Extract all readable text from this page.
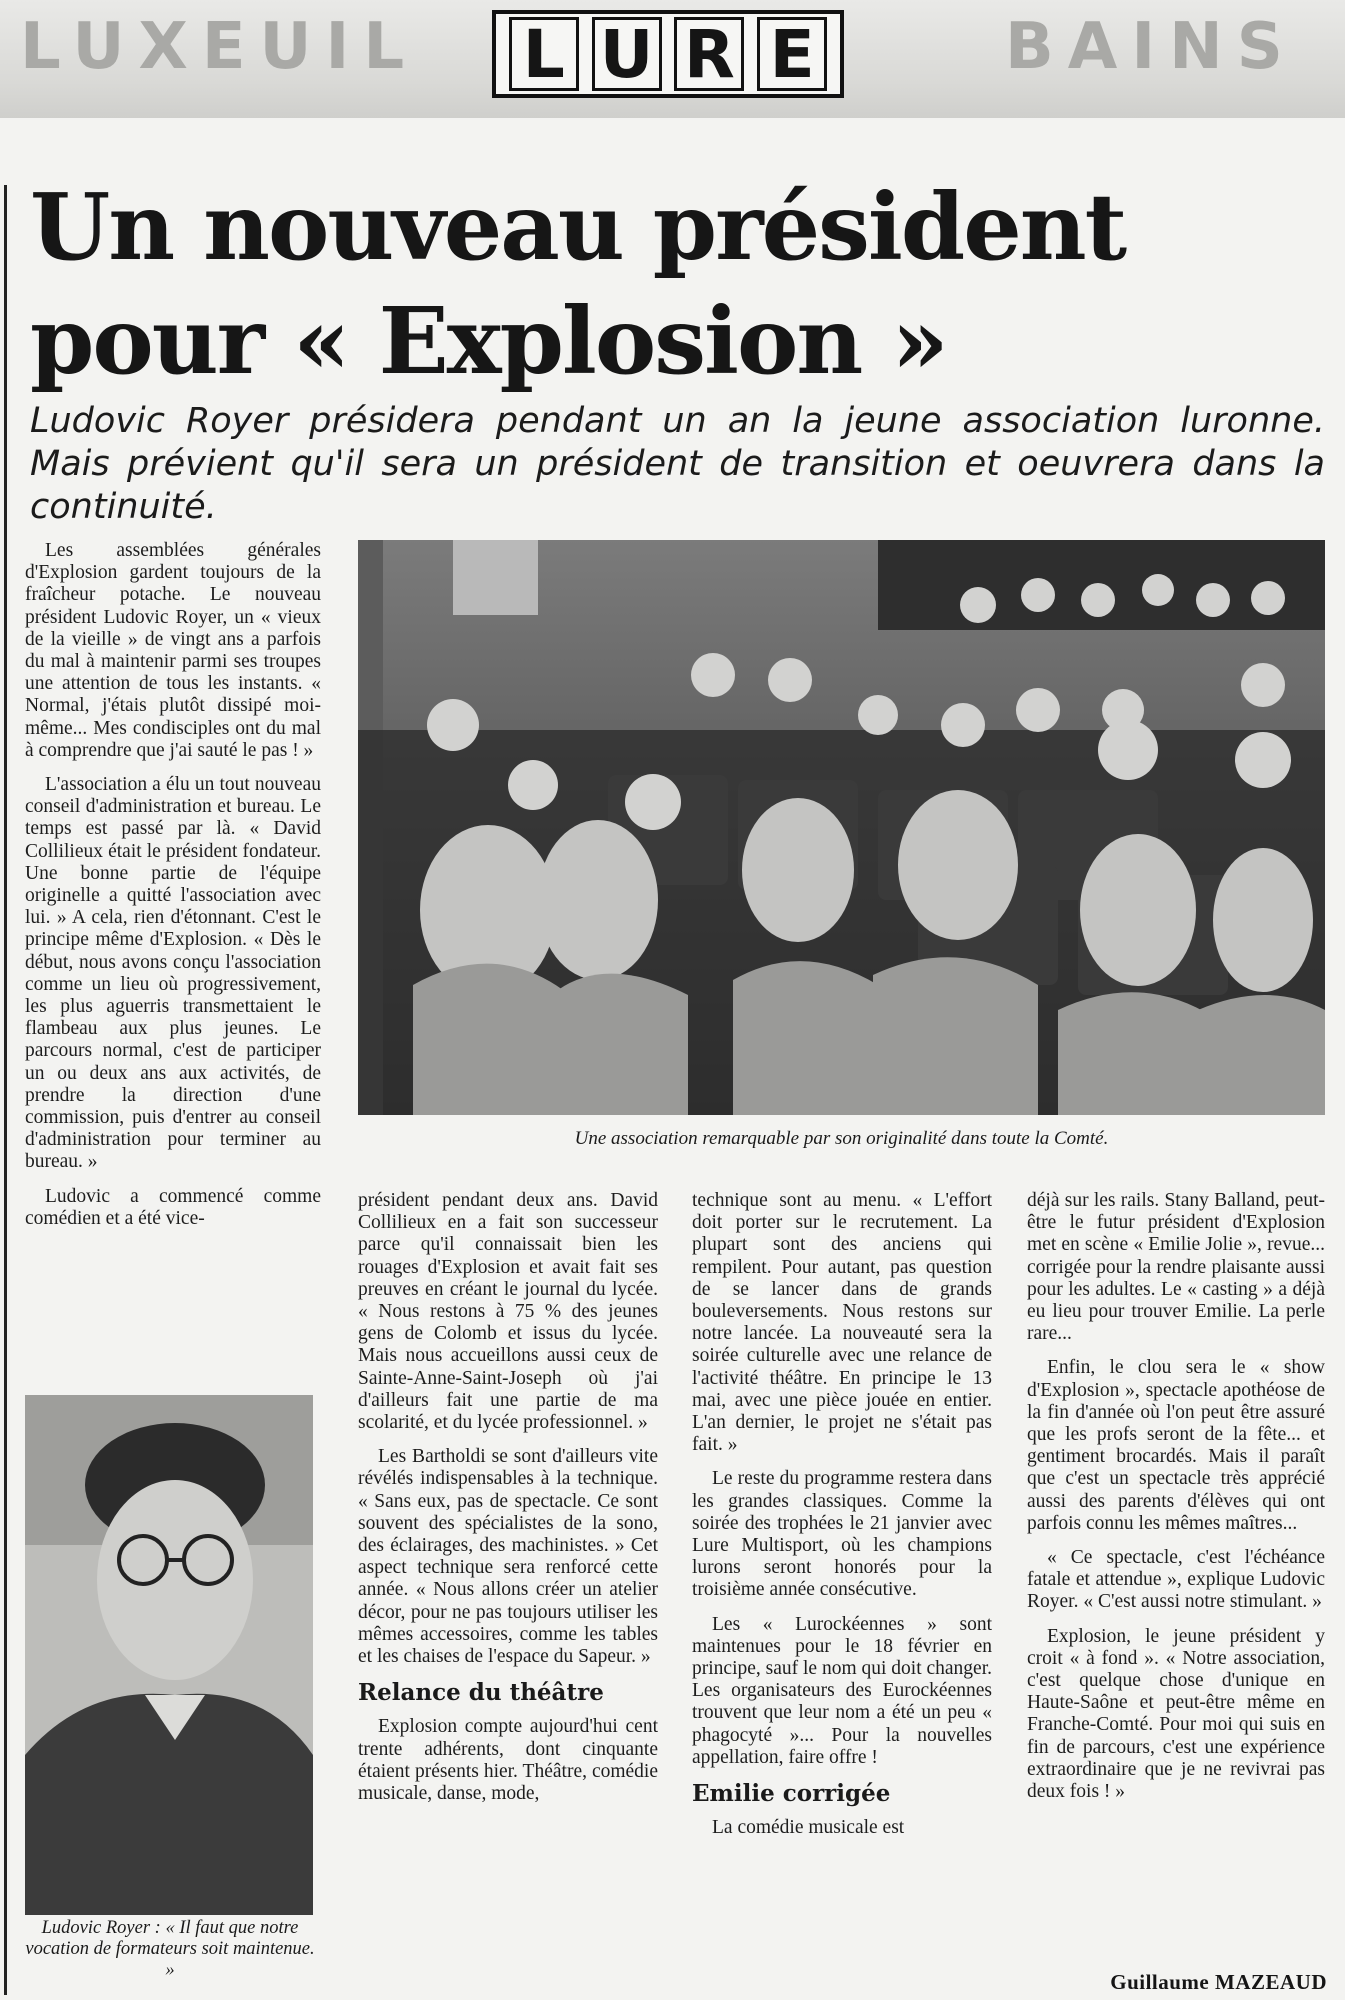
LUXEUIL	BAINS
L U R E
Un nouveau président pour « Explosion »

Ludovic Royer présidera pendant un an la jeune association luronne. Mais prévient qu'il sera un président de transition et oeuvrera dans la continuité.

Une association remarquable par son originalité dans toute la Comté.

Les assemblées générales d'Explosion gardent toujours de la fraîcheur potache. Le nouveau président Ludovic Royer, un « vieux de la vieille » de vingt ans a parfois du mal à maintenir parmi ses troupes une attention de tous les instants. « Normal, j'étais plutôt dissipé moi-même... Mes condisciples ont du mal à comprendre que j'ai sauté le pas ! »

L'association a élu un tout nouveau conseil d'administration et bureau. Le temps est passé par là. « David Collilieux était le président fondateur. Une bonne partie de l'équipe originelle a quitté l'association avec lui. » A cela, rien d'étonnant. C'est le principe même d'Explosion. « Dès le début, nous avons conçu l'association comme un lieu où progressivement, les plus aguerris transmettaient le flambeau aux plus jeunes. Le parcours normal, c'est de participer un ou deux ans aux activités, de prendre la direction d'une commission, puis d'entrer au conseil d'administration pour terminer au bureau. »

Ludovic a commencé comme comédien et a été vice-

Ludovic Royer : « Il faut que notre vocation de formateurs soit maintenue. »

président pendant deux ans. David Collilieux en a fait son successeur parce qu'il connaissait bien les rouages d'Explosion et avait fait ses preuves en créant le journal du lycée. « Nous restons à 75 % des jeunes gens de Colomb et issus du lycée. Mais nous accueillons aussi ceux de Sainte-Anne-Saint-Joseph où j'ai d'ailleurs fait une partie de ma scolarité, et du lycée professionnel. »

Les Bartholdi se sont d'ailleurs vite révélés indispensables à la technique. « Sans eux, pas de spectacle. Ce sont souvent des spécialistes de la sono, des éclairages, des machinistes. » Cet aspect technique sera renforcé cette année. « Nous allons créer un atelier décor, pour ne pas toujours utiliser les mêmes accessoires, comme les tables et les chaises de l'espace du Sapeur. »

Relance du théâtre

Explosion compte aujourd'hui cent trente adhérents, dont cinquante étaient présents hier. Théâtre, comédie musicale, danse, mode,

technique sont au menu. « L'effort doit porter sur le recrutement. La plupart sont des anciens qui rempilent. Pour autant, pas question de se lancer dans de grands bouleversements. Nous restons sur notre lancée. La nouveauté sera la soirée culturelle avec une relance de l'activité théâtre. En principe le 13 mai, avec une pièce jouée en entier. L'an dernier, le projet ne s'était pas fait. »

Le reste du programme restera dans les grandes classiques. Comme la soirée des trophées le 21 janvier avec Lure Multisport, où les champions lurons seront honorés pour la troisième année consécutive.

Les « Lurockéennes » sont maintenues pour le 18 février en principe, sauf le nom qui doit changer. Les organisateurs des Eurockéennes trouvent que leur nom a été un peu « phagocyté »... Pour la nouvelles appellation, faire offre !

Emilie corrigée

La comédie musicale est

déjà sur les rails. Stany Balland, peut-être le futur président d'Explosion met en scène « Emilie Jolie », revue... corrigée pour la rendre plaisante aussi pour les adultes. Le « casting » a déjà eu lieu pour trouver Emilie. La perle rare...

Enfin, le clou sera le « show d'Explosion », spectacle apothéose de la fin d'année où l'on peut être assuré que les profs seront de la fête... et gentiment brocardés. Mais il paraît que c'est un spectacle très apprécié aussi des parents d'élèves qui ont parfois connu les mêmes maîtres...

« Ce spectacle, c'est l'échéance fatale et attendue », explique Ludovic Royer. « C'est aussi notre stimulant. »

Explosion, le jeune président y croit « à fond ». « Notre association, c'est quelque chose d'unique en Haute-Saône et peut-être même en Franche-Comté. Pour moi qui suis en fin de parcours, c'est une expérience extraordinaire que je ne revivrai pas deux fois ! »

Guillaume MAZEAUD
